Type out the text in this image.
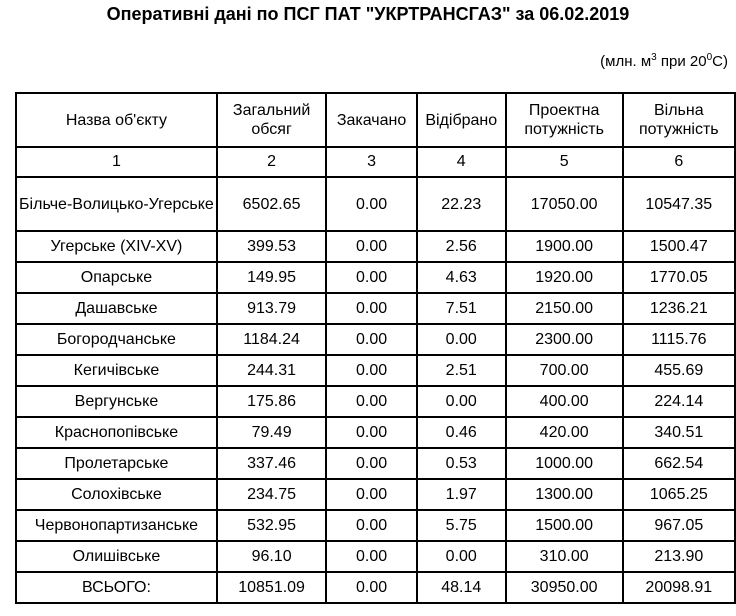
Оперативні дані по ПСГ ПАТ "УКРТРАНСГАЗ" за 06.02.2019
(млн. $м^3$ при $20^0С$)
Назва об'єкту	Загальний обсяг	Закачано	Відібрано	Проектна потужність	Вільна потужність
1	2	3	4	5	6
Більче-Волицько-Угерське	6502.65	0.00	22.23	17050.00	10547.35
Угерське (XIV-XV)	399.53	0.00	2.56	1900.00	1500.47
Опарське	149.95	0.00	4.63	1920.00	1770.05
Дашавське	913.79	0.00	7.51	2150.00	1236.21
Богородчанське	1184.24	0.00	0.00	2300.00	1115.76
Кегичівське	244.31	0.00	2.51	700.00	455.69
Вергунське	175.86	0.00	0.00	400.00	224.14
Краснопопівське	79.49	0.00	0.46	420.00	340.51
Пролетарське	337.46	0.00	0.53	1000.00	662.54
Солохівське	234.75	0.00	1.97	1300.00	1065.25
Червонопартизанське	532.95	0.00	5.75	1500.00	967.05
Олишівське	96.10	0.00	0.00	310.00	213.90
ВСЬОГО:	10851.09	0.00	48.14	30950.00	20098.91
